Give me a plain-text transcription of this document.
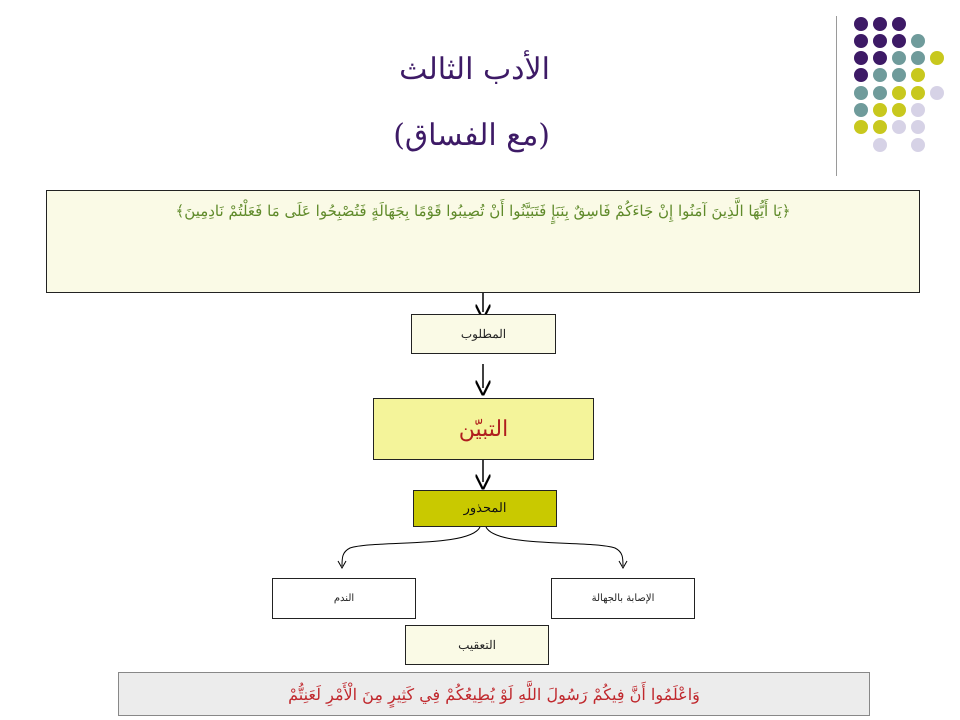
الأدب الثالث
(مع الفساق)
﴿يَا أَيُّهَا الَّذِينَ آمَنُوا إِنْ جَاءَكُمْ فَاسِقٌ بِنَبَإٍ فَتَبَيَّنُوا أَنْ تُصِيبُوا قَوْمًا بِجَهَالَةٍ فَتُصْبِحُوا عَلَى مَا فَعَلْتُمْ نَادِمِينَ﴾
المطلوب
التبيّن
المحذور
الندم	الإصابة بالجهالة
التعقيب
وَاعْلَمُوا أَنَّ فِيكُمْ رَسُولَ اللَّهِ لَوْ يُطِيعُكُمْ فِي كَثِيرٍ مِنَ الْأَمْرِ لَعَنِتُّمْ
